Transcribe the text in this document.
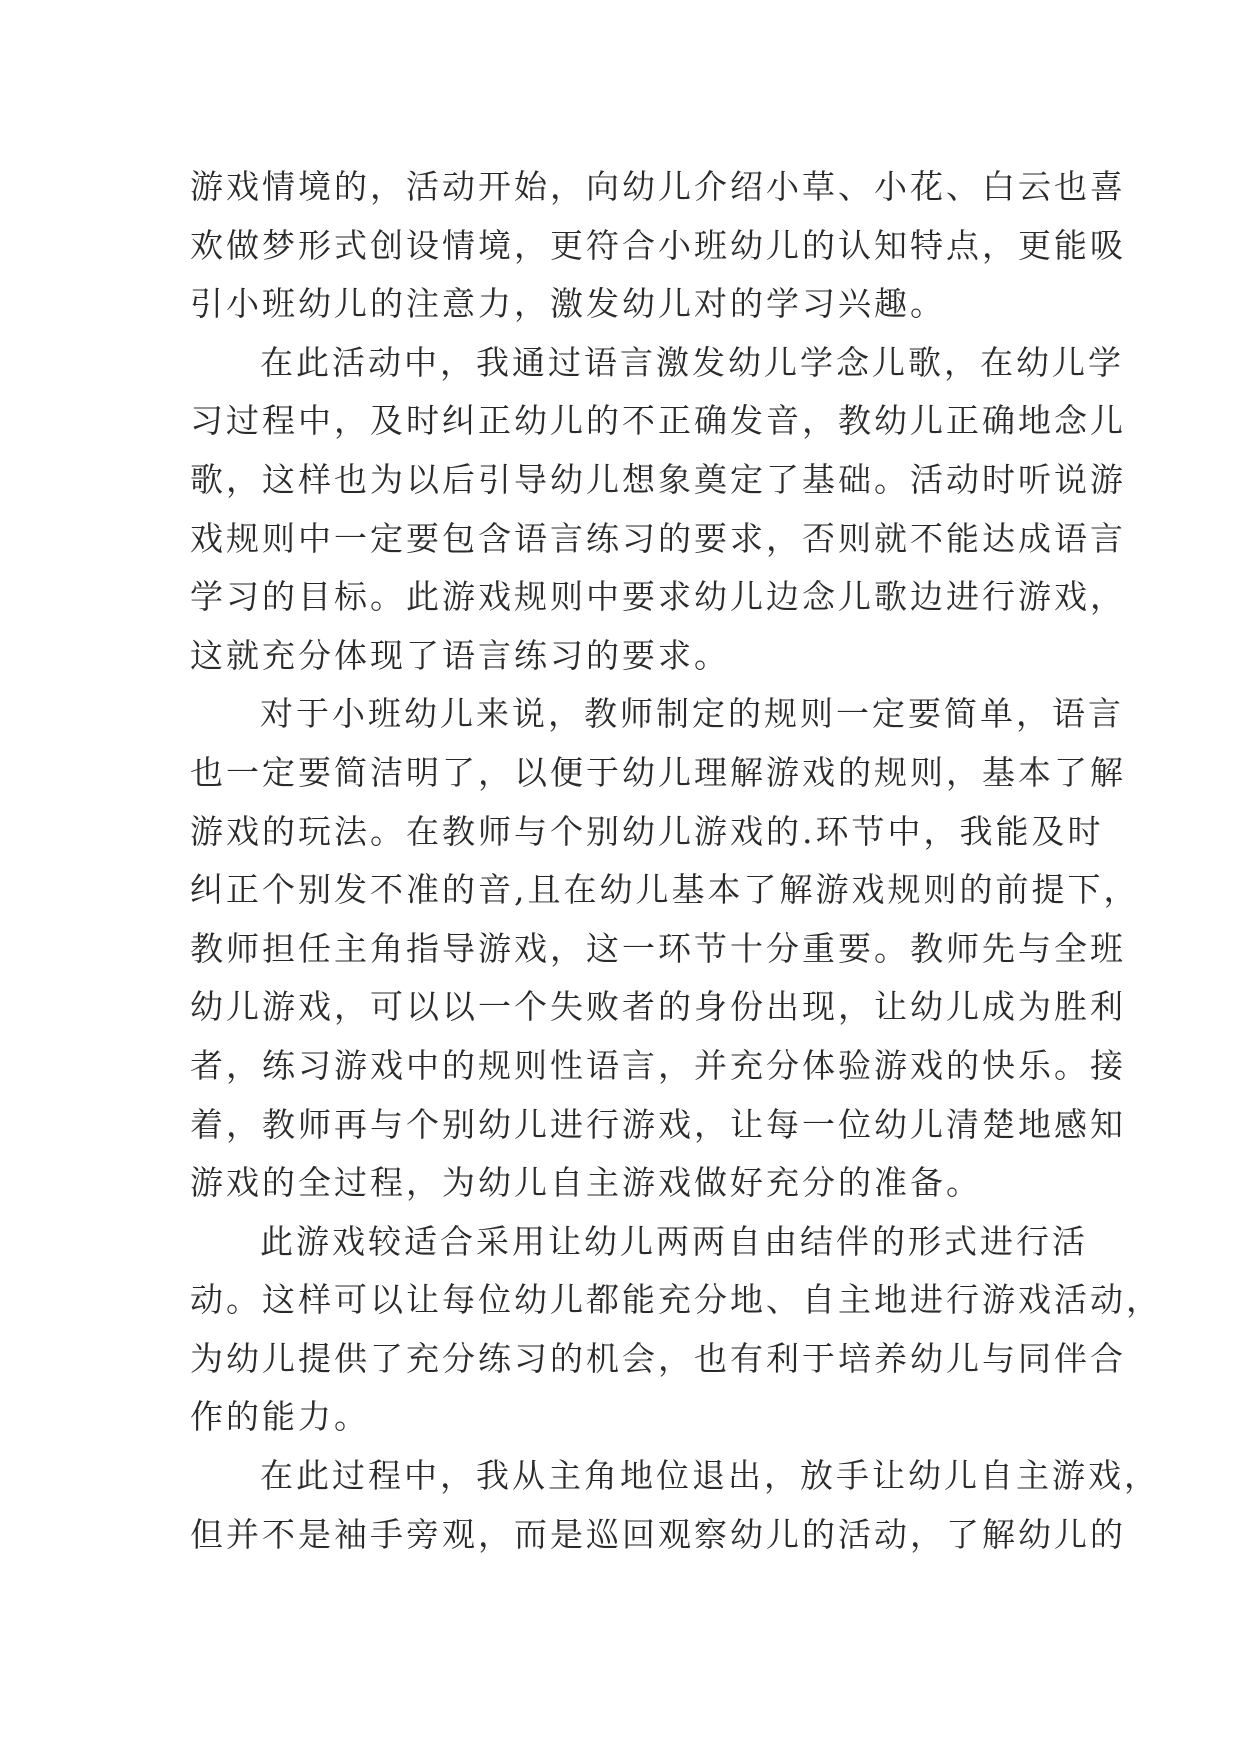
游戏情境的，活动开始，向幼儿介绍小草、小花、白云也喜
欢做梦形式创设情境，更符合小班幼儿的认知特点，更能吸
引小班幼儿的注意力，激发幼儿对的学习兴趣。
在此活动中，我通过语言激发幼儿学念儿歌，在幼儿学
习过程中，及时纠正幼儿的不正确发音，教幼儿正确地念儿
歌，这样也为以后引导幼儿想象奠定了基础。活动时听说游
戏规则中一定要包含语言练习的要求，否则就不能达成语言
学习的目标。此游戏规则中要求幼儿边念儿歌边进行游戏，
这就充分体现了语言练习的要求。
对于小班幼儿来说，教师制定的规则一定要简单，语言
也一定要简洁明了，以便于幼儿理解游戏的规则，基本了解
游戏的玩法。在教师与个别幼儿游戏的.环节中，我能及时
纠正个别发不准的音,且在幼儿基本了解游戏规则的前提下，
教师担任主角指导游戏，这一环节十分重要。教师先与全班
幼儿游戏，可以以一个失败者的身份出现，让幼儿成为胜利
者，练习游戏中的规则性语言，并充分体验游戏的快乐。接
着，教师再与个别幼儿进行游戏，让每一位幼儿清楚地感知
游戏的全过程，为幼儿自主游戏做好充分的准备。
此游戏较适合采用让幼儿两两自由结伴的形式进行活
动。这样可以让每位幼儿都能充分地、自主地进行游戏活动，
为幼儿提供了充分练习的机会，也有利于培养幼儿与同伴合
作的能力。
在此过程中，我从主角地位退出，放手让幼儿自主游戏，
但并不是袖手旁观，而是巡回观察幼儿的活动，了解幼儿的
